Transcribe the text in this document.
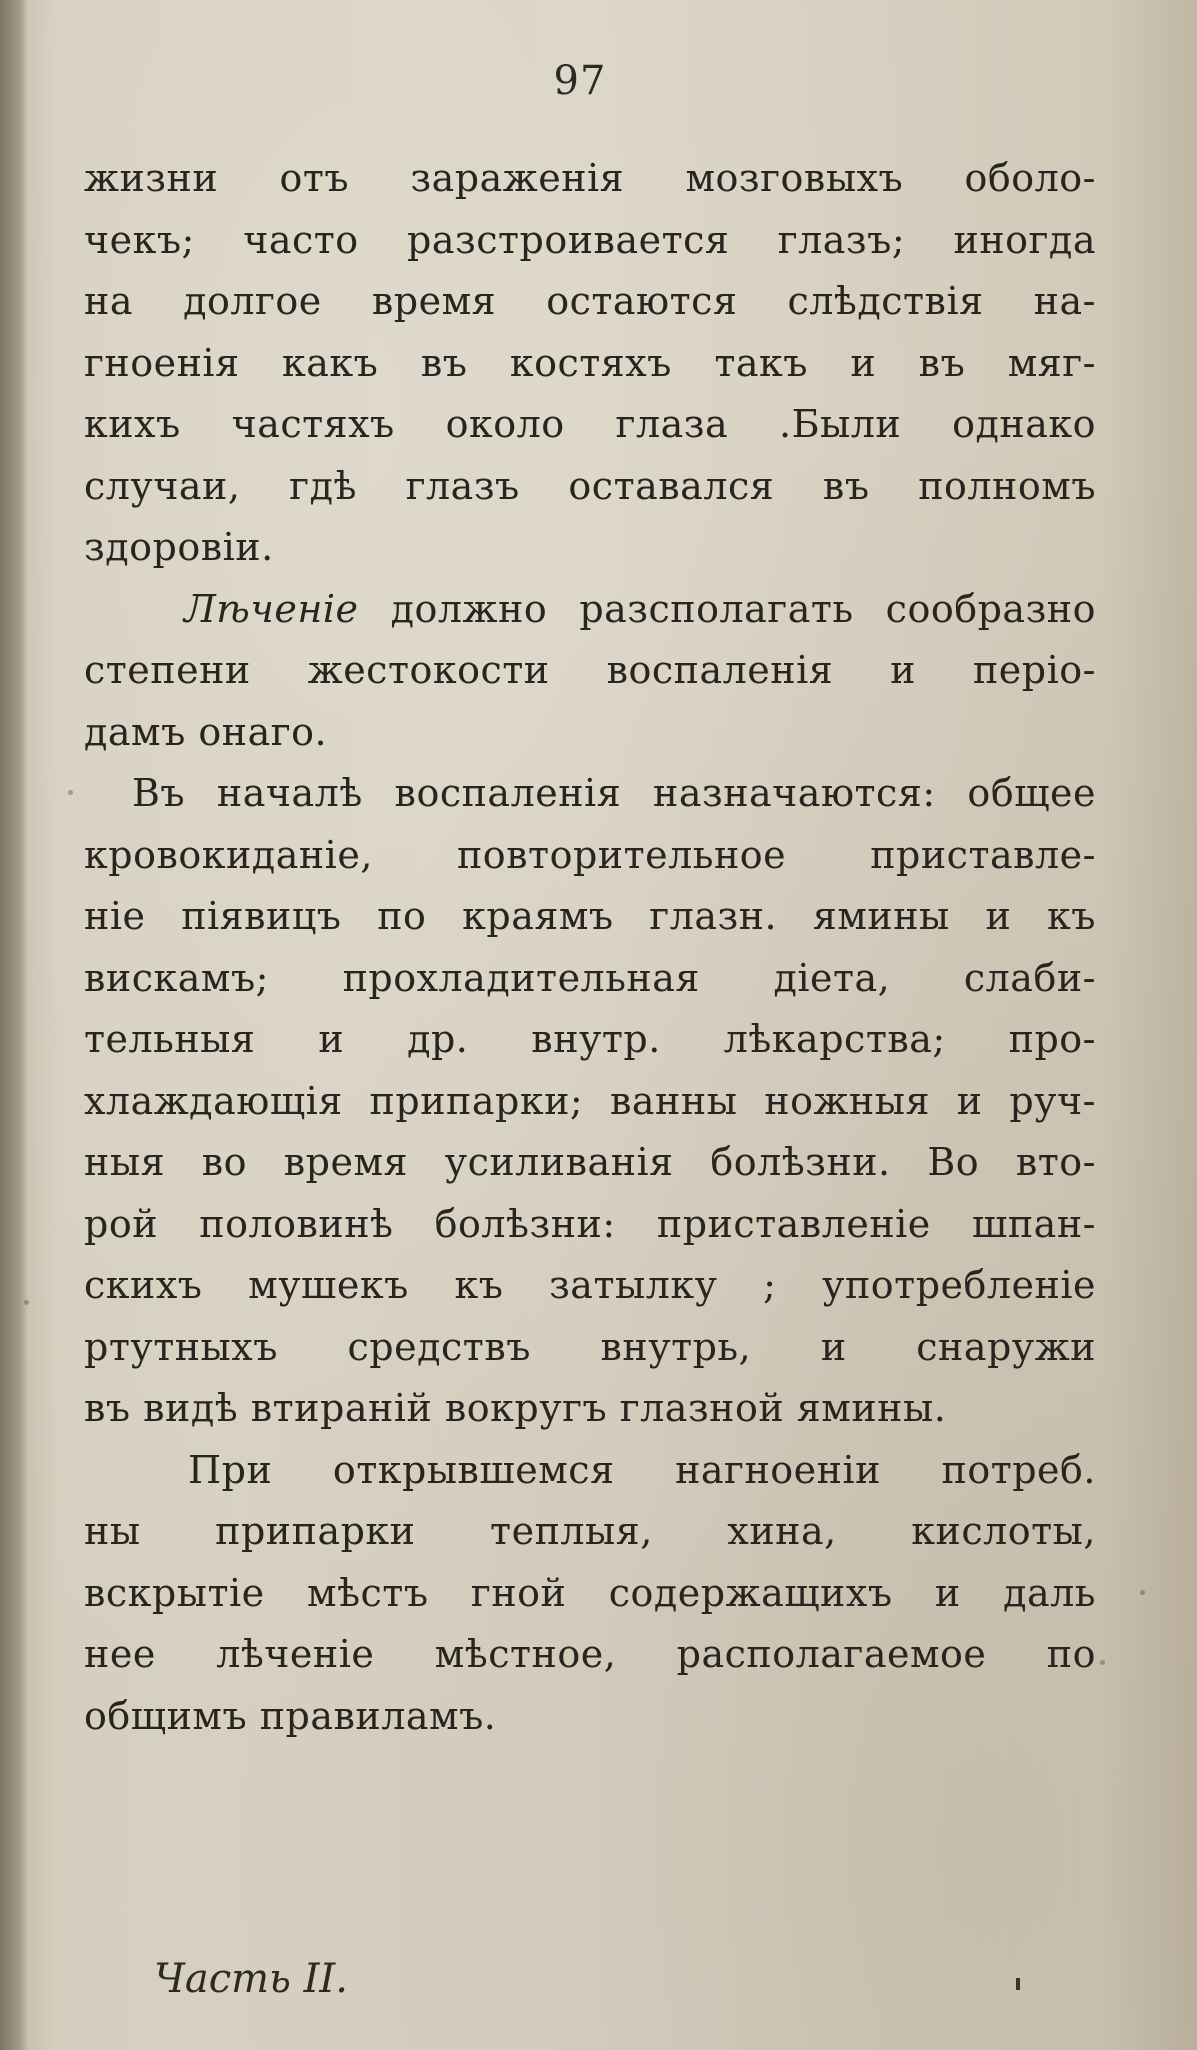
97
жизни отъ зараженія мозговыхъ оболо-
чекъ; часто разстроивается глазъ; иногда
на долгое время остаются слѣдствія на-
гноенія какъ въ костяхъ такъ и въ мяг-
кихъ частяхъ около глаза .Были однако
случаи, гдѣ глазъ оставался въ полномъ
здоровіи.
Лѣченіе должно разсполагать сообразно
степени жестокости воспаленія и періо-
дамъ онаго.
Въ началѣ воспаленія назначаются: общее
кровокиданіе, повторительное приставле-
ніе піявицъ по краямъ глазн. ямины и къ
вискамъ; прохладительная діета, слаби-
тельныя и др. внутр. лѣкарства; про-
хлаждающія припарки; ванны ножныя и руч-
ныя во время усиливанія болѣзни. Во вто-
рой половинѣ болѣзни: приставленіе шпан-
скихъ мушекъ къ затылку ; употребленіе
ртутныхъ средствъ внутрь, и снаружи
въ видѣ втираній вокругъ глазной ямины.
При открывшемся нагноеніи потреб.
ны припарки теплыя, хина, кислоты,
вскрытіе мѣстъ гной содержащихъ и даль
нее лѣченіе мѣстное, располагаемое по
общимъ правиламъ.
Часть II.
